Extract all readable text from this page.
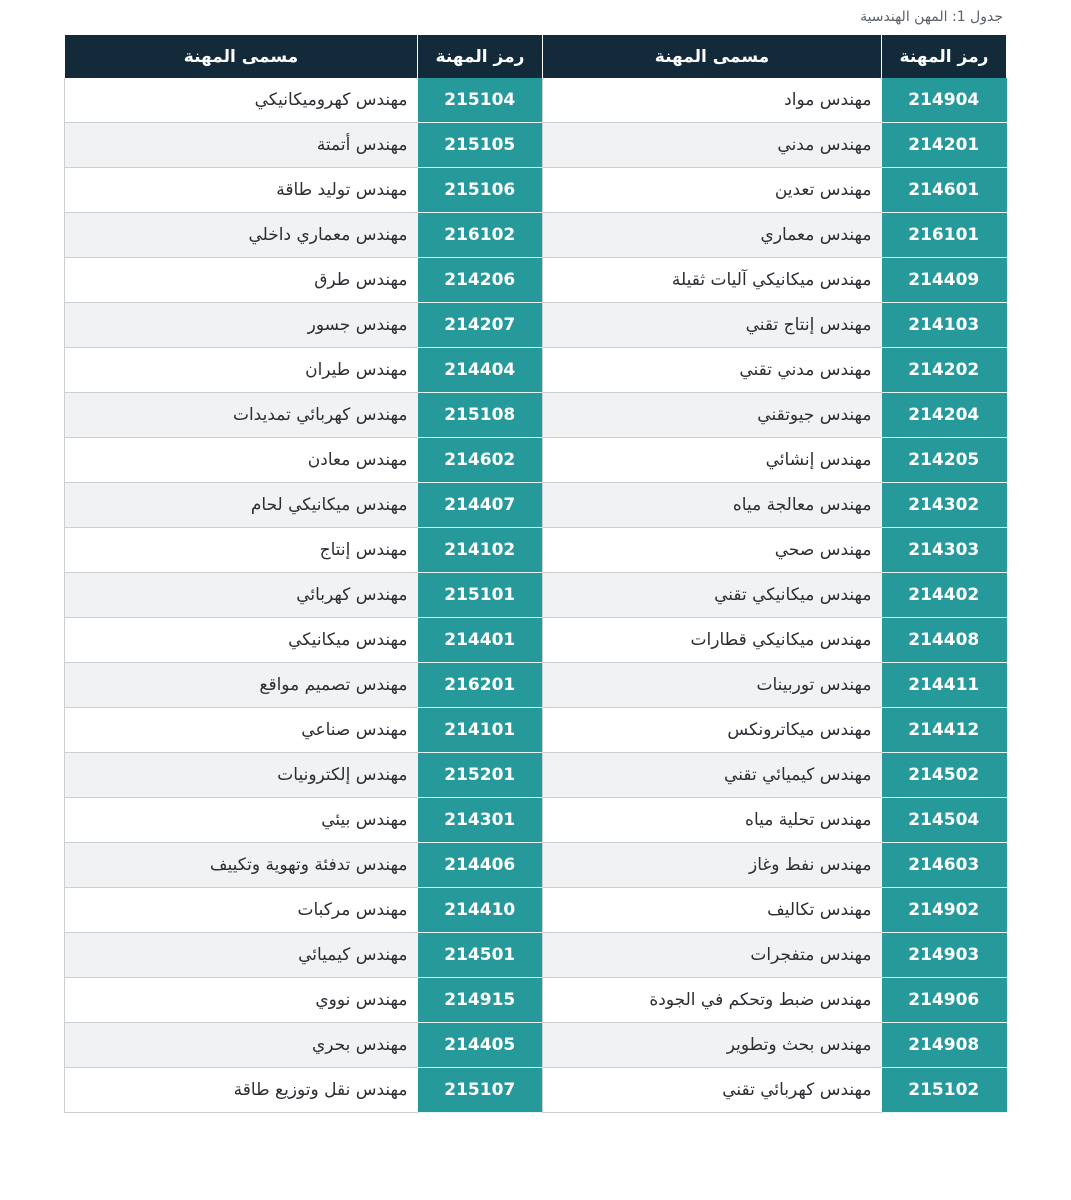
جدول 1: المهن الهندسية
رمز المهنة	مسمى المهنة	رمز المهنة	مسمى المهنة
214904	مهندس مواد	215104	مهندس كهروميكانيكي
214201	مهندس مدني	215105	مهندس أتمتة
214601	مهندس تعدين	215106	مهندس توليد طاقة
216101	مهندس معماري	216102	مهندس معماري داخلي
214409	مهندس ميكانيكي آليات ثقيلة	214206	مهندس طرق
214103	مهندس إنتاج تقني	214207	مهندس جسور
214202	مهندس مدني تقني	214404	مهندس طيران
214204	مهندس جيوتقني	215108	مهندس كهربائي تمديدات
214205	مهندس إنشائي	214602	مهندس معادن
214302	مهندس معالجة مياه	214407	مهندس ميكانيكي لحام
214303	مهندس صحي	214102	مهندس إنتاج
214402	مهندس ميكانيكي تقني	215101	مهندس كهربائي
214408	مهندس ميكانيكي قطارات	214401	مهندس ميكانيكي
214411	مهندس توربينات	216201	مهندس تصميم مواقع
214412	مهندس ميكاترونكس	214101	مهندس صناعي
214502	مهندس كيميائي تقني	215201	مهندس إلكترونيات
214504	مهندس تحلية مياه	214301	مهندس بيئي
214603	مهندس نفط وغاز	214406	مهندس تدفئة وتهوية وتكييف
214902	مهندس تكاليف	214410	مهندس مركبات
214903	مهندس متفجرات	214501	مهندس كيميائي
214906	مهندس ضبط وتحكم في الجودة	214915	مهندس نووي
214908	مهندس بحث وتطوير	214405	مهندس بحري
215102	مهندس كهربائي تقني	215107	مهندس نقل وتوزيع طاقة
